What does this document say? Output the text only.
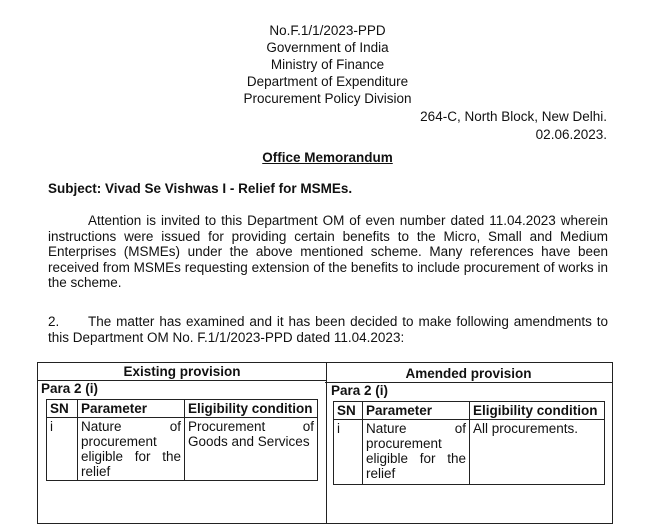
No.F.1/1/2023-PPD
Government of India
Ministry of Finance
Department of Expenditure
Procurement Policy Division
264-C, North Block, New Delhi.
02.06.2023.
Office Memorandum
Subject: Vivad Se Vishwas I - Relief for MSMEs.
Attention is invited to this Department OM of even number dated 11.04.2023 wherein instructions were issued for providing certain benefits to the Micro, Small and Medium Enterprises (MSMEs) under the above mentioned scheme. Many references have been received from MSMEs requesting extension of the benefits to include procurement of works in the scheme.
2. The matter has examined and it has been decided to make following amendments to this Department OM No. F.1/1/2023-PPD dated 11.04.2023:
Existing provision
Para 2 (i)
SN	Parameter	Eligibility condition
i	Nature of procurement eligible for the relief	Procurement of Goods and Services
Amended provision
Para 2 (i)
SN	Parameter	Eligibility condition
i	Nature of procurement eligible for the relief	All procurements.
